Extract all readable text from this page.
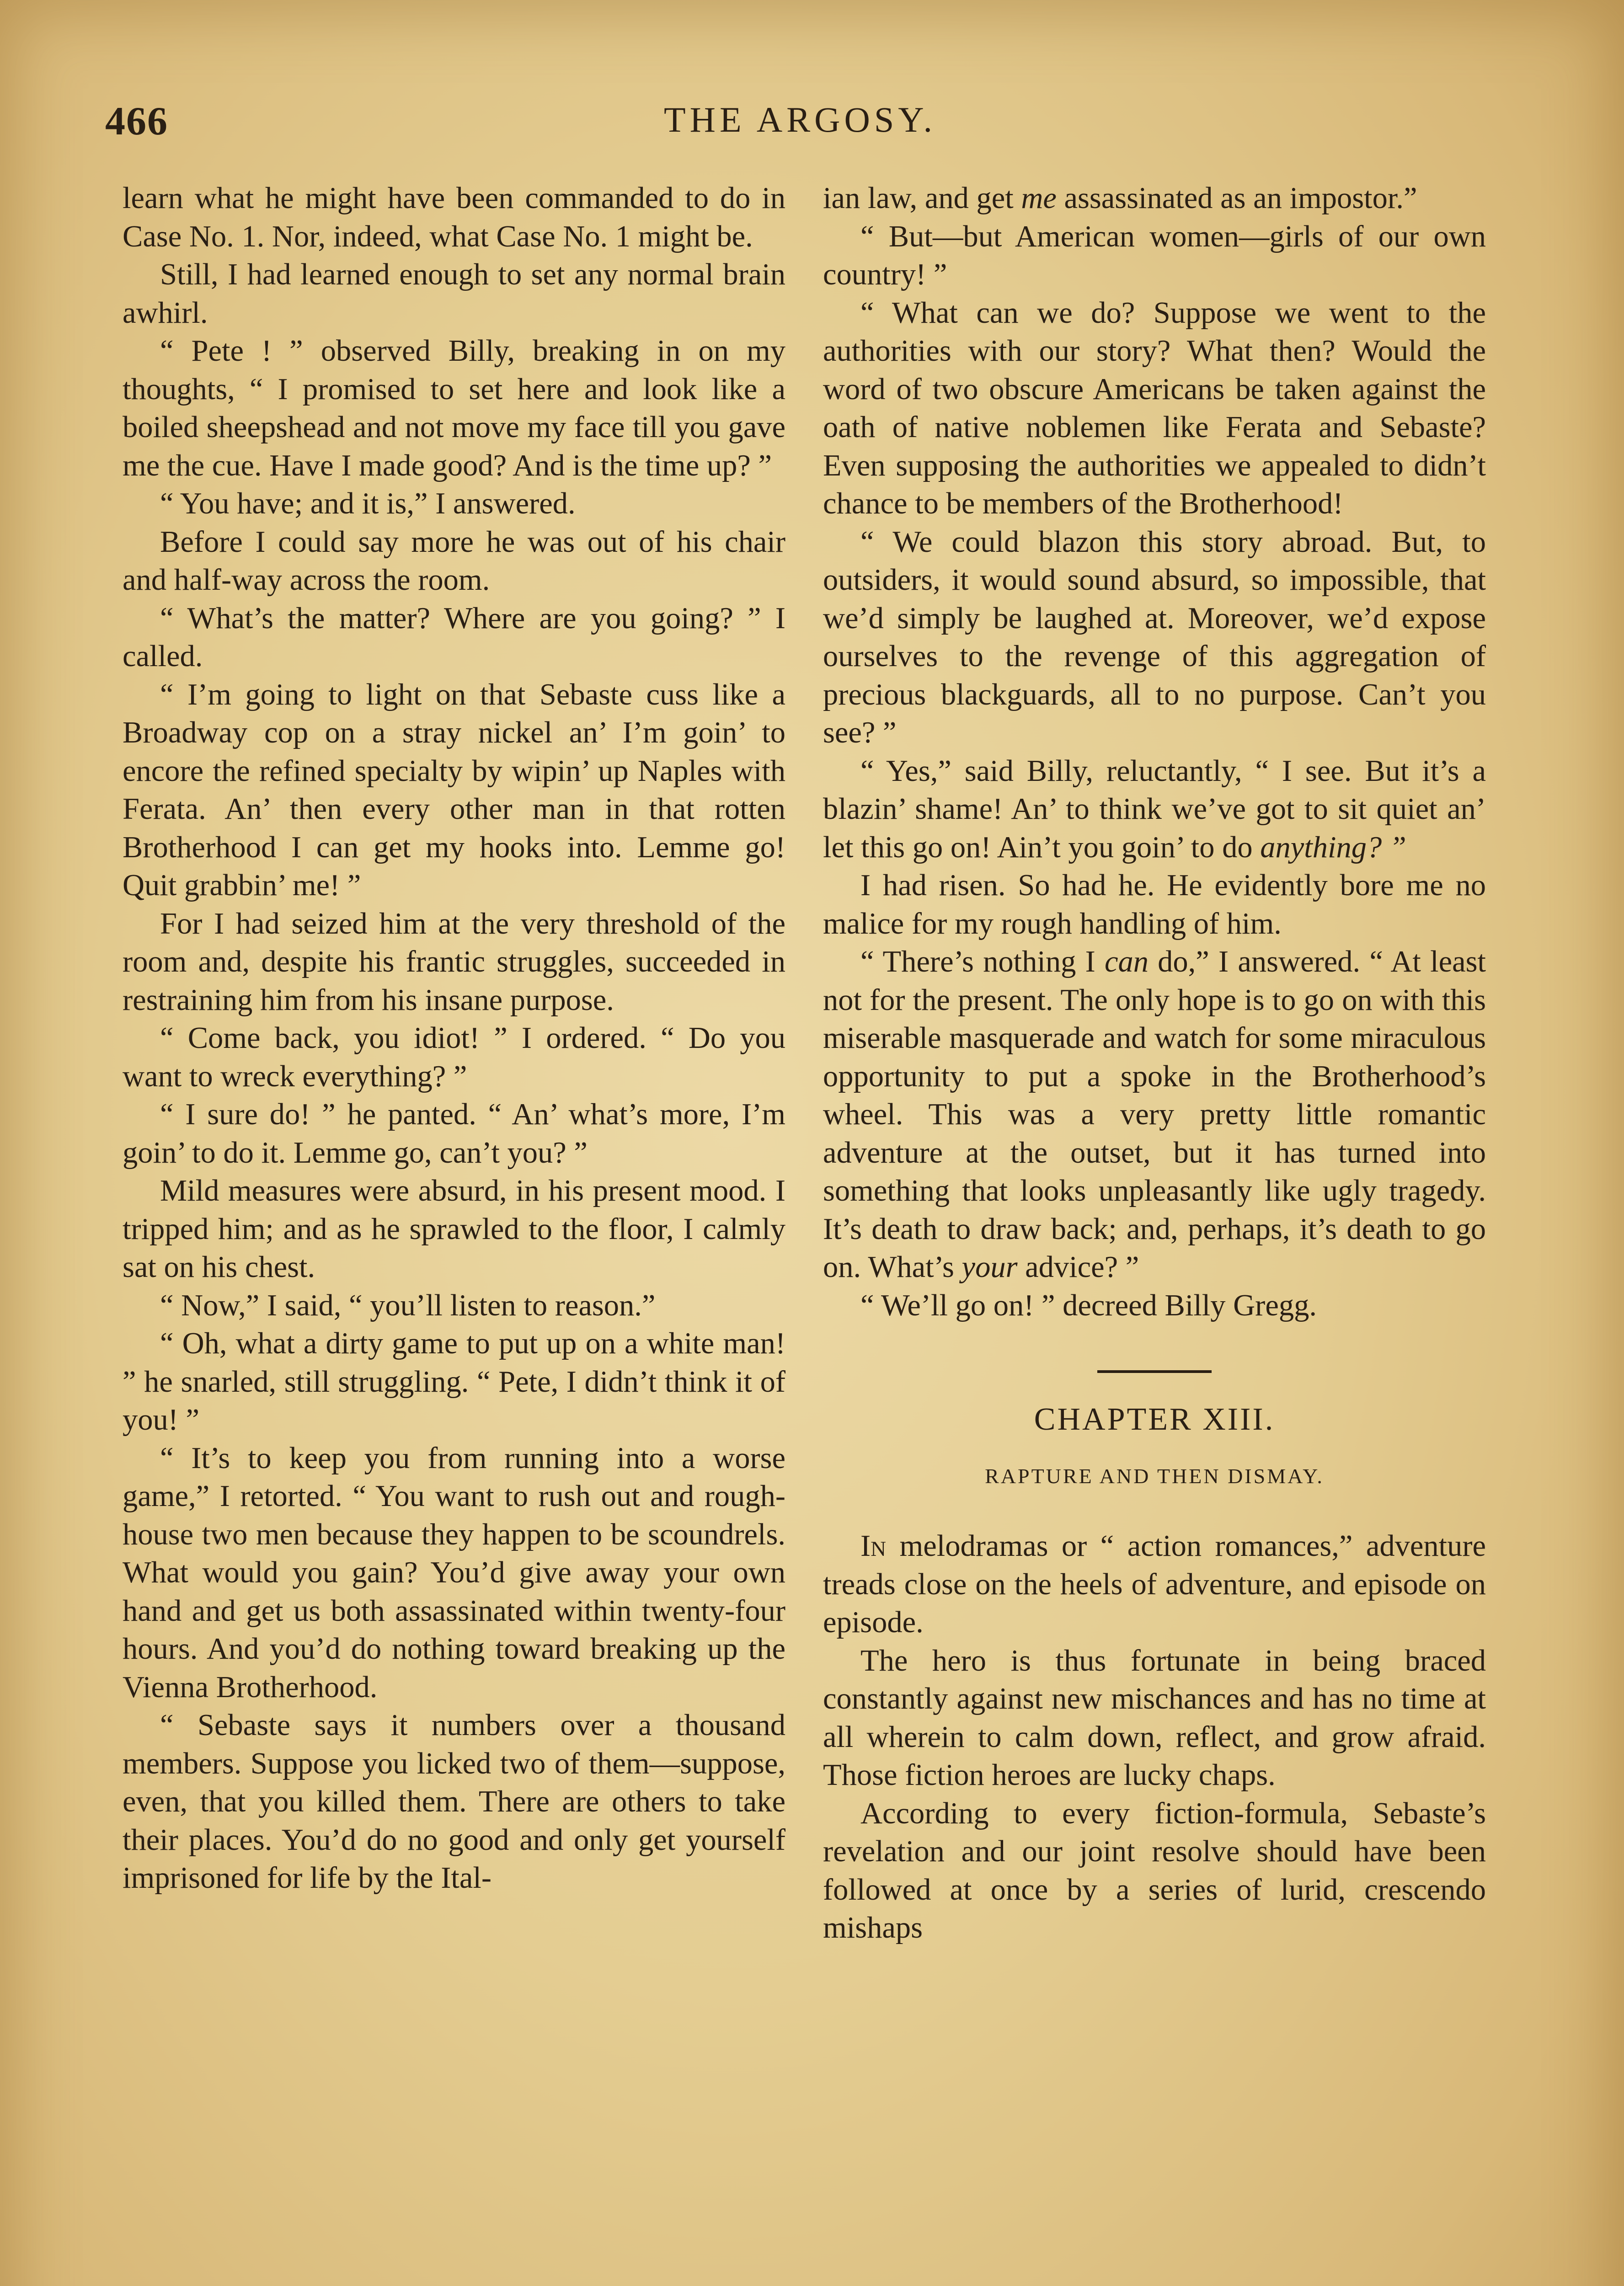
466	THE ARGOSY.

learn what he might have been commanded to do in Case No. 1. Nor, indeed, what Case No. 1 might be.

Still, I had learned enough to set any normal brain awhirl.

“ Pete ! ” observed Billy, breaking in on my thoughts, “ I promised to set here and look like a boiled sheepshead and not move my face till you gave me the cue. Have I made good? And is the time up? ”

“ You have; and it is,” I answered.

Before I could say more he was out of his chair and half-way across the room.

“ What’s the matter? Where are you going? ” I called.

“ I’m going to light on that Sebaste cuss like a Broadway cop on a stray nickel an’ I’m goin’ to encore the refined specialty by wipin’ up Naples with Ferata. An’ then every other man in that rotten Brotherhood I can get my hooks into. Lemme go! Quit grabbin’ me! ”

For I had seized him at the very threshold of the room and, despite his frantic struggles, succeeded in restraining him from his insane purpose.

“ Come back, you idiot! ” I ordered. “ Do you want to wreck everything? ”

“ I sure do! ” he panted. “ An’ what’s more, I’m goin’ to do it. Lemme go, can’t you? ”

Mild measures were absurd, in his present mood. I tripped him; and as he sprawled to the floor, I calmly sat on his chest.

“ Now,” I said, “ you’ll listen to reason.”

“ Oh, what a dirty game to put up on a white man! ” he snarled, still struggling. “ Pete, I didn’t think it of you! ”

“ It’s to keep you from running into a worse game,” I retorted. “ You want to rush out and rough-house two men because they happen to be scoundrels. What would you gain? You’d give away your own hand and get us both assassinated within twenty-four hours. And you’d do nothing toward breaking up the Vienna Brotherhood.

“ Sebaste says it numbers over a thousand members. Suppose you licked two of them—suppose, even, that you killed them. There are others to take their places. You’d do no good and only get yourself imprisoned for life by the Ital-

ian law, and get me assassinated as an impostor.”

“ But—but American women—girls of our own country! ”

“ What can we do? Suppose we went to the authorities with our story? What then? Would the word of two obscure Americans be taken against the oath of native noblemen like Ferata and Sebaste? Even supposing the authorities we appealed to didn’t chance to be members of the Brotherhood!

“ We could blazon this story abroad. But, to outsiders, it would sound absurd, so impossible, that we’d simply be laughed at. Moreover, we’d expose ourselves to the revenge of this aggregation of precious blackguards, all to no purpose. Can’t you see? ”

“ Yes,” said Billy, reluctantly, “ I see. But it’s a blazin’ shame! An’ to think we’ve got to sit quiet an’ let this go on! Ain’t you goin’ to do anything? ”

I had risen. So had he. He evidently bore me no malice for my rough handling of him.

“ There’s nothing I can do,” I answered. “ At least not for the present. The only hope is to go on with this miserable masquerade and watch for some miraculous opportunity to put a spoke in the Brotherhood’s wheel. This was a very pretty little romantic adventure at the outset, but it has turned into something that looks unpleasantly like ugly tragedy. It’s death to draw back; and, perhaps, it’s death to go on. What’s your advice? ”

“ We’ll go on! ” decreed Billy Gregg.

CHAPTER XIII.
RAPTURE AND THEN DISMAY.

In melodramas or “ action romances,” adventure treads close on the heels of adventure, and episode on episode.

The hero is thus fortunate in being braced constantly against new mischances and has no time at all wherein to calm down, reflect, and grow afraid. Those fiction heroes are lucky chaps.

According to every fiction-formula, Sebaste’s revelation and our joint resolve should have been followed at once by a series of lurid, crescendo mishaps
